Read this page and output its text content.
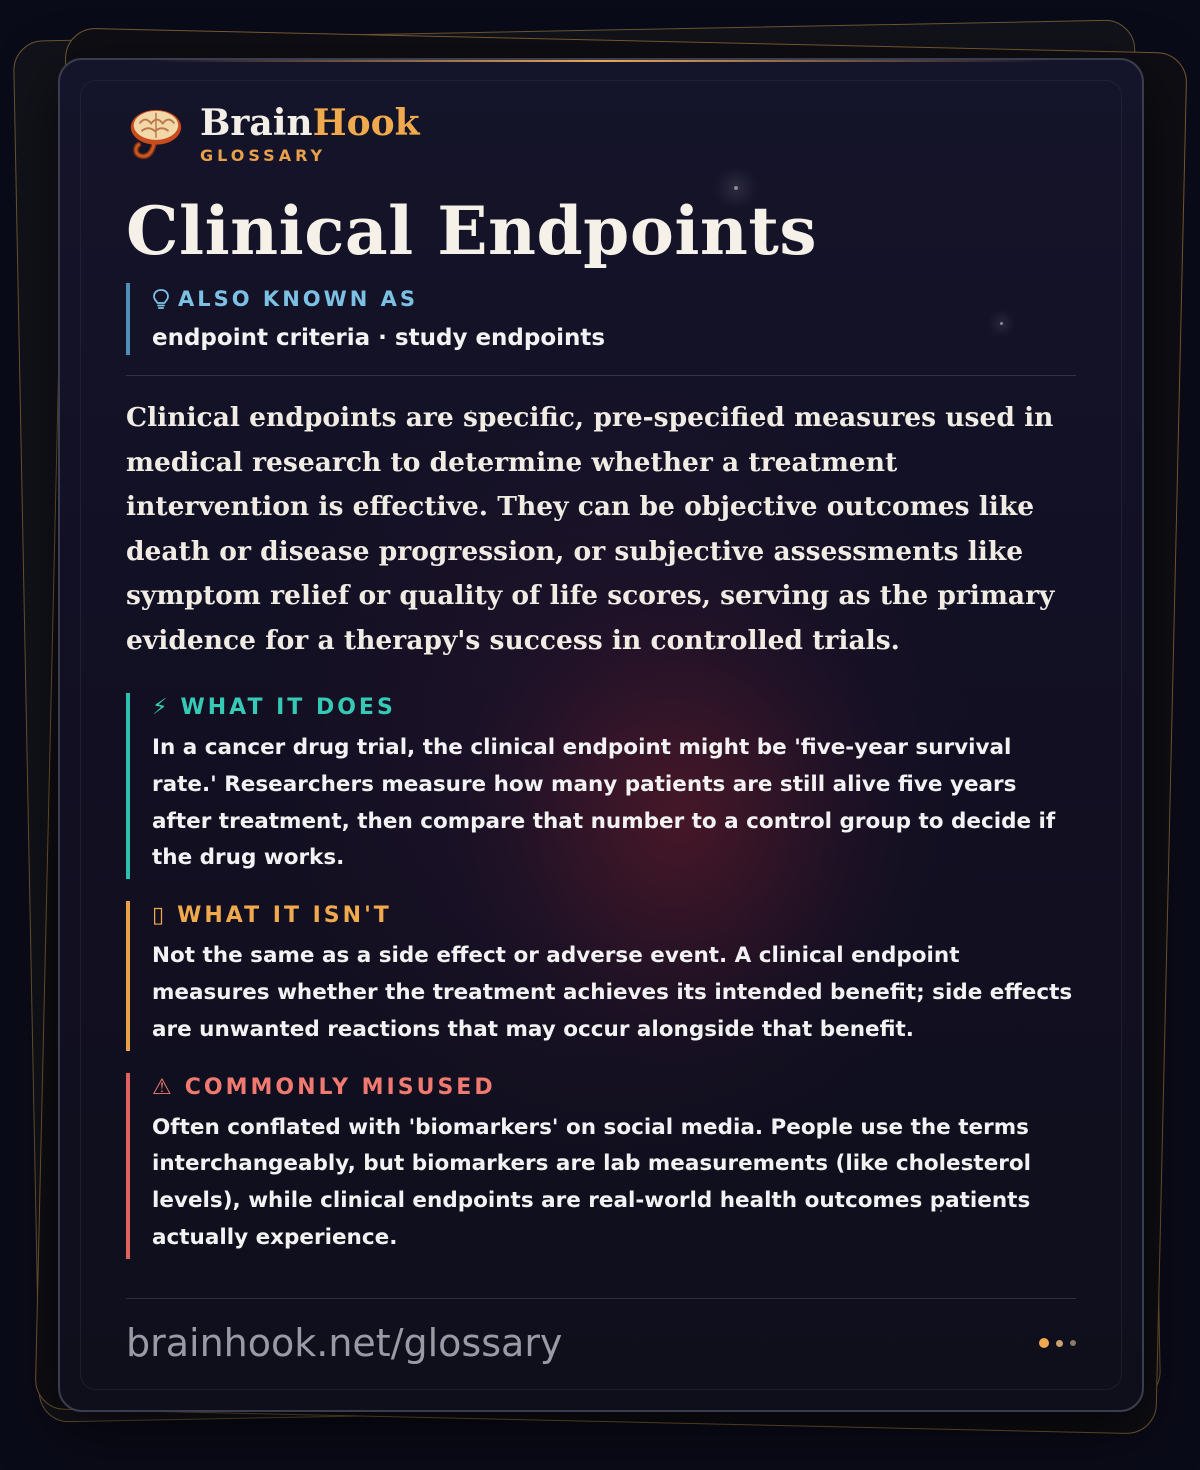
BrainHook
GLOSSARY
Clinical Endpoints
ALSO KNOWN AS
endpoint criteria · study endpoints
Clinical endpoints are specific, pre-specified measures used in medical research to determine whether a treatment intervention is effective. They can be objective outcomes like death or disease progression, or subjective assessments like symptom relief or quality of life scores, serving as the primary evidence for a therapy's success in controlled trials.
⚡ WHAT IT DOES
In a cancer drug trial, the clinical endpoint might be 'five-year survival rate.' Researchers measure how many patients are still alive five years after treatment, then compare that number to a control group to decide if the drug works.
▯ WHAT IT ISN'T
Not the same as a side effect or adverse event. A clinical endpoint measures whether the treatment achieves its intended benefit; side effects are unwanted reactions that may occur alongside that benefit.
⚠ COMMONLY MISUSED
Often conflated with 'biomarkers' on social media. People use the terms interchangeably, but biomarkers are lab measurements (like cholesterol levels), while clinical endpoints are real-world health outcomes patients actually experience.
brainhook.net/glossary
